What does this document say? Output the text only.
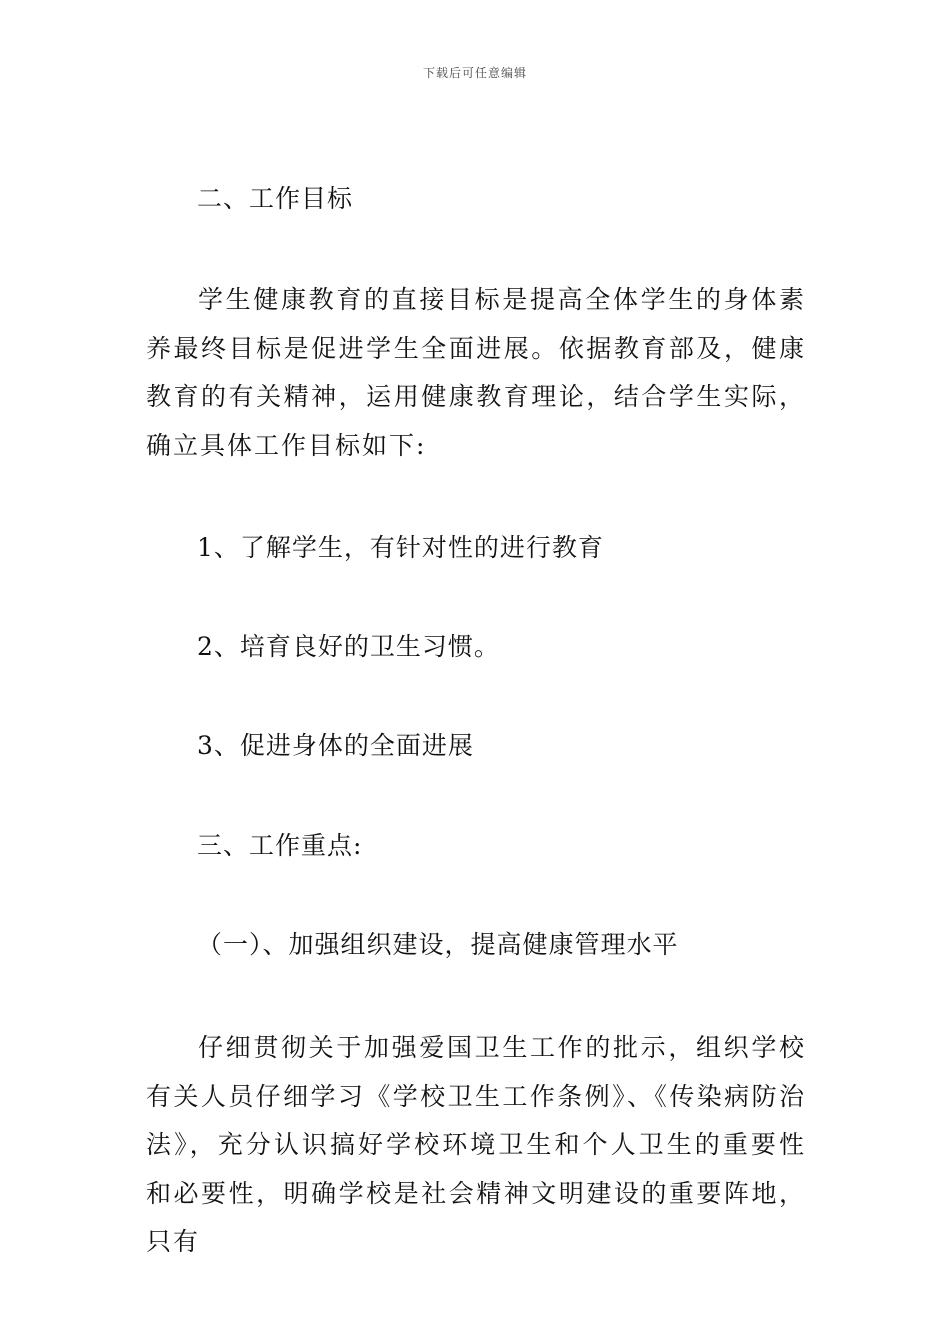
下载后可任意编辑
二、工作目标
学生健康教育的直接目标是提高全体学生的身体素养最终目标是促进学生全面进展。依据教育部及，健康教育的有关精神，运用健康教育理论，结合学生实际，确立具体工作目标如下:
1、了解学生，有针对性的进行教育
2、培育良好的卫生习惯。
3、促进身体的全面进展
三、工作重点:
（一）、加强组织建设，提高健康管理水平
仔细贯彻关于加强爱国卫生工作的批示，组织学校有关人员仔细学习《学校卫生工作条例》、《传染病防治法》，充分认识搞好学校环境卫生和个人卫生的重要性和必要性，明确学校是社会精神文明建设的重要阵地，只有
